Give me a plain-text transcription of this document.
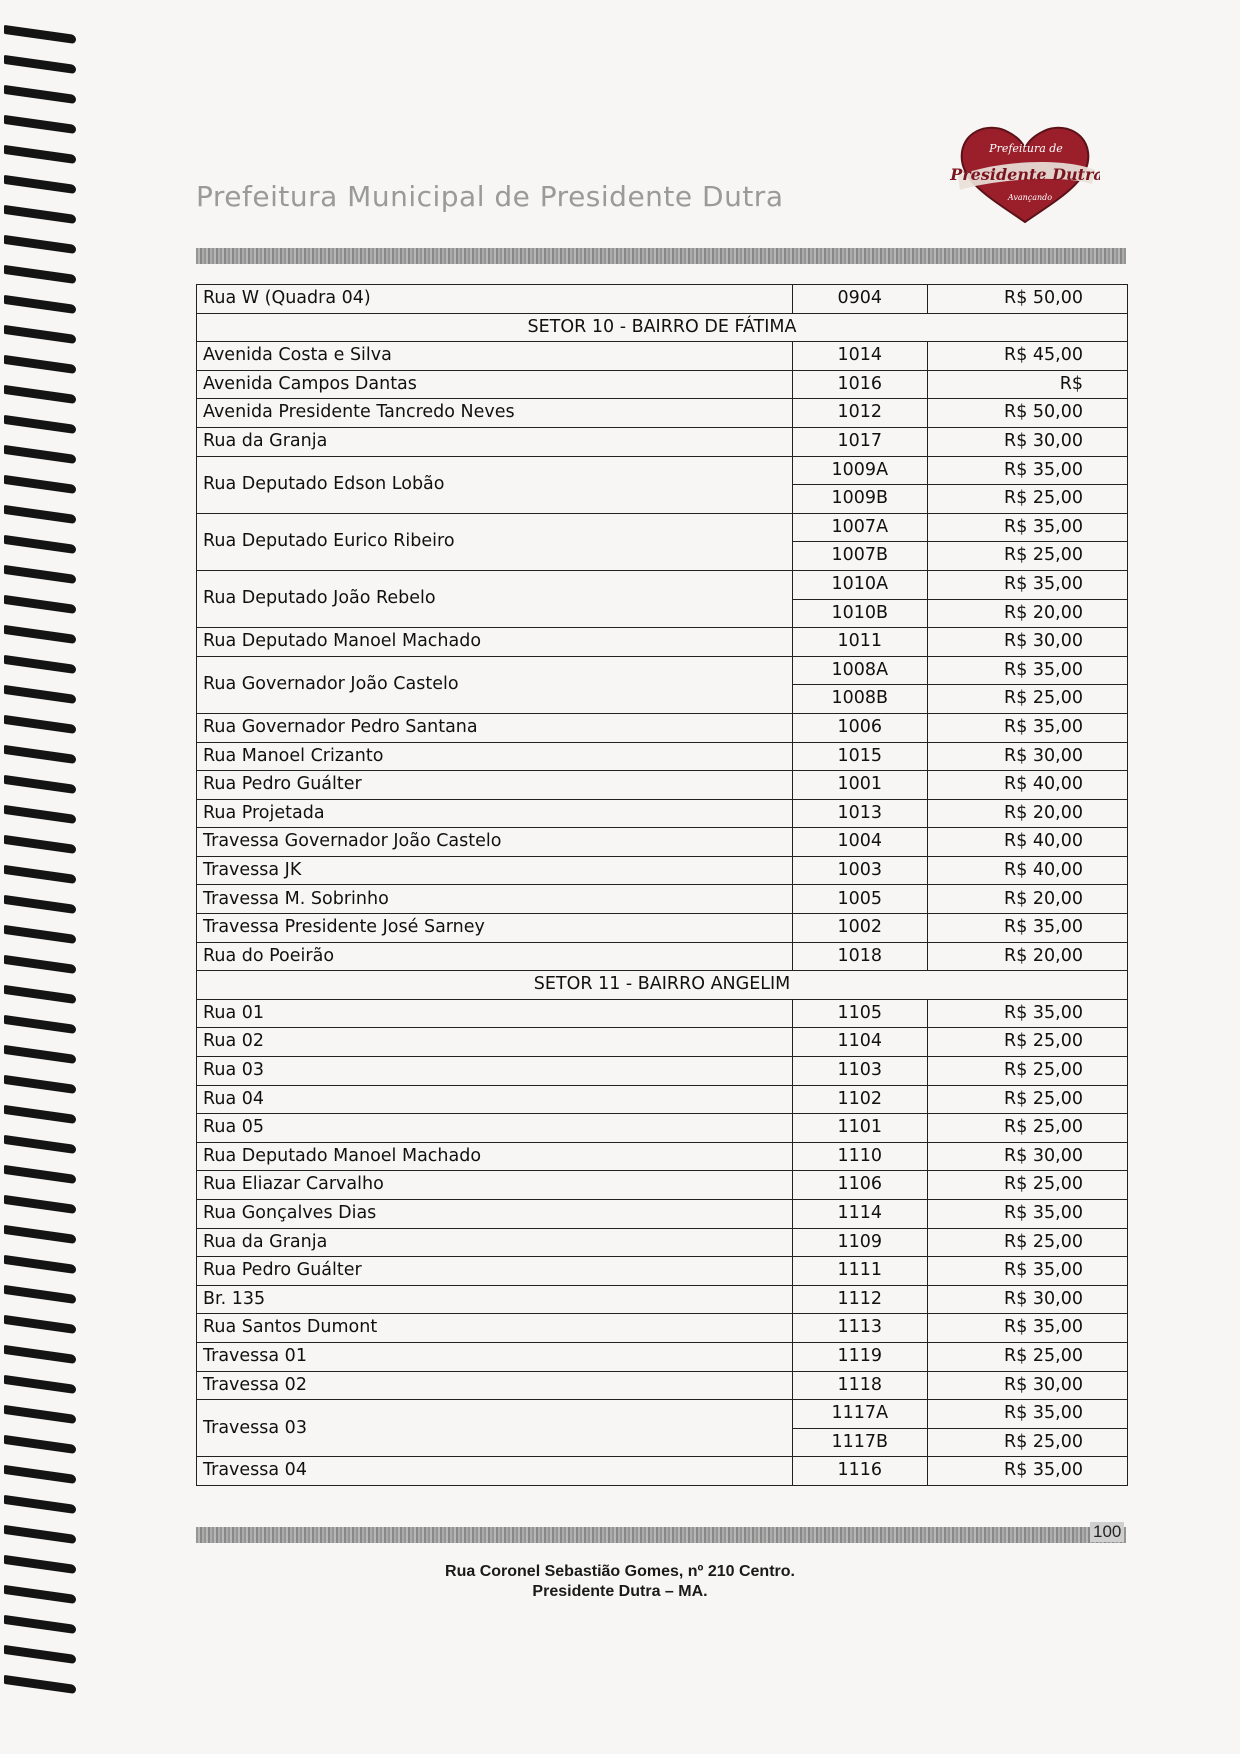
Prefeitura Municipal de Presidente Dutra
Prefeitura de
Presidente Dutra
Avançando
Rua W (Quadra 04)	0904	R$ 50,00
SETOR 10 - BAIRRO DE FÁTIMA		
Avenida Costa e Silva	1014	R$ 45,00
Avenida Campos Dantas	1016	R$
Avenida Presidente Tancredo Neves	1012	R$ 50,00
Rua da Granja	1017	R$ 30,00
Rua Deputado Edson Lobão	1009A	R$ 35,00
	1009B	R$ 25,00
Rua Deputado Eurico Ribeiro	1007A	R$ 35,00
	1007B	R$ 25,00
Rua Deputado João Rebelo	1010A	R$ 35,00
	1010B	R$ 20,00
Rua Deputado Manoel Machado	1011	R$ 30,00
Rua Governador João Castelo	1008A	R$ 35,00
	1008B	R$ 25,00
Rua Governador Pedro Santana	1006	R$ 35,00
Rua Manoel Crizanto	1015	R$ 30,00
Rua Pedro Guálter	1001	R$ 40,00
Rua Projetada	1013	R$ 20,00
Travessa Governador João Castelo	1004	R$ 40,00
Travessa JK	1003	R$ 40,00
Travessa M. Sobrinho	1005	R$ 20,00
Travessa Presidente José Sarney	1002	R$ 35,00
Rua do Poeirão	1018	R$ 20,00
SETOR 11 - BAIRRO ANGELIM		
Rua 01	1105	R$ 35,00
Rua 02	1104	R$ 25,00
Rua 03	1103	R$ 25,00
Rua 04	1102	R$ 25,00
Rua 05	1101	R$ 25,00
Rua Deputado Manoel Machado	1110	R$ 30,00
Rua Eliazar Carvalho	1106	R$ 25,00
Rua Gonçalves Dias	1114	R$ 35,00
Rua da Granja	1109	R$ 25,00
Rua Pedro Guálter	1111	R$ 35,00
Br. 135	1112	R$ 30,00
Rua Santos Dumont	1113	R$ 35,00
Travessa 01	1119	R$ 25,00
Travessa 02	1118	R$ 30,00
Travessa 03	1117A	R$ 35,00
	1117B	R$ 25,00
Travessa 04	1116	R$ 35,00
100
Rua Coronel Sebastião Gomes, nº 210 Centro.
Presidente Dutra – MA.
